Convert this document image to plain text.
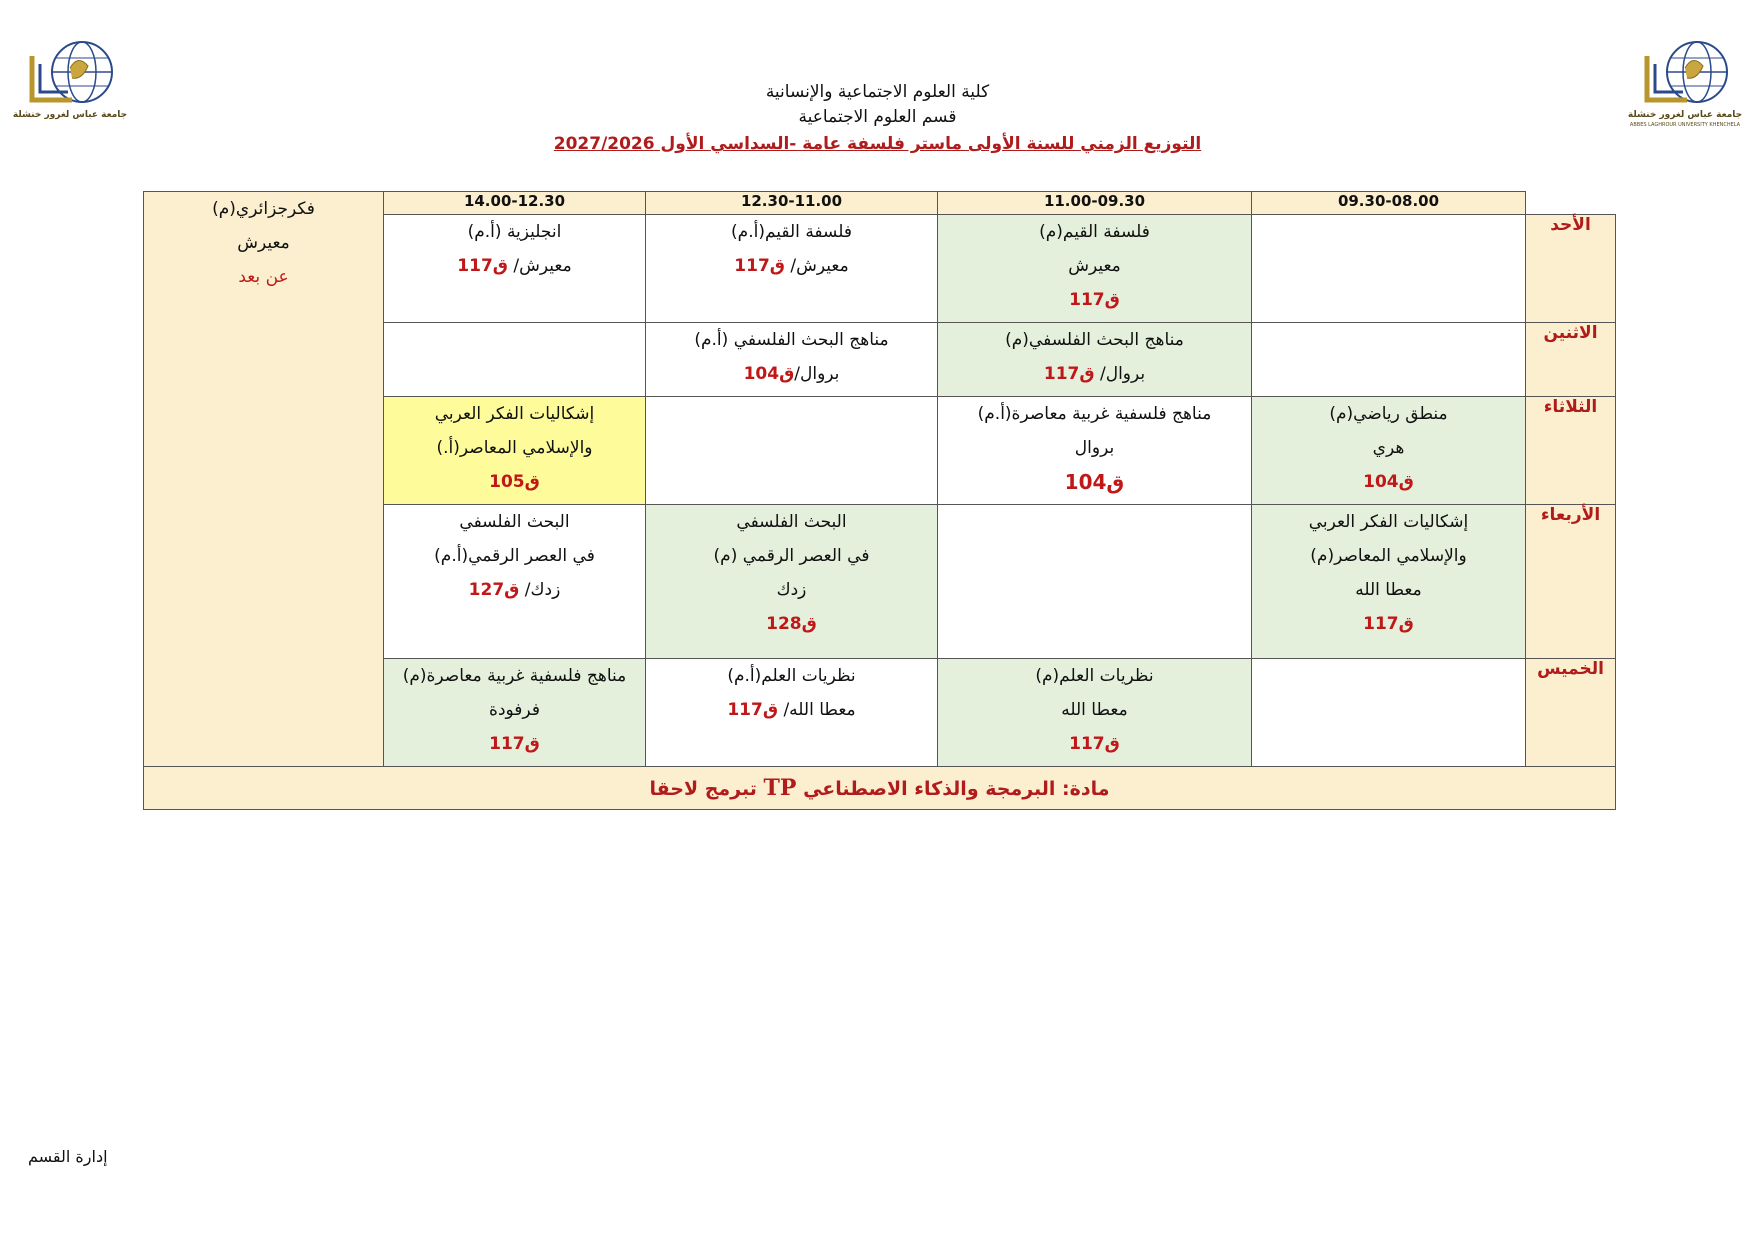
جامعة عباس لغرور خنشلة	جامعة عباس لغرور خنشلة
ABBES LAGHROUR UNIVERSITY KHENCHELA
كلية العلوم الاجتماعية والإنسانية
قسم العلوم الاجتماعية
التوزيع الزمني للسنة الأولى ماستر فلسفة عامة -السداسي الأول 2027/2026
	09.30-08.00	11.00-09.30	12.30-11.00	14.00-12.30	فكرجزائري(م)
معيرش
عن بعد

الأحد		فلسفة القيم(م)
معيرش
ق117	فلسفة القيم(أ.م)
معيرش/ ق117	انجليزية (أ.م)
معيرش/ ق117	

الاثنين		مناهج البحث الفلسفي(م)
بروال/ ق117	مناهج البحث الفلسفي (أ.م)
بروال/ق104		

الثلاثاء	منطق رياضي(م)
هري
ق104	مناهج فلسفية غربية معاصرة(أ.م)
بروال
ق104		إشكاليات الفكر العربي
والإسلامي المعاصر(أ.)
ق105	

الأربعاء	إشكاليات الفكر العربي
والإسلامي المعاصر(م)
معطا الله
ق117		البحث الفلسفي
في العصر الرقمي (م)
زدك
ق128	البحث الفلسفي
في العصر الرقمي(أ.م)
زدك/ ق127	

الخميس		نظريات العلم(م)
معطا الله
ق117	نظريات العلم(أ.م)
معطا الله/ ق117	مناهج فلسفية غربية معاصرة(م)
فرفودة
ق117	

مادة: البرمجة والذكاء الاصطناعي TP تبرمج لاحقا					
إدارة القسم
